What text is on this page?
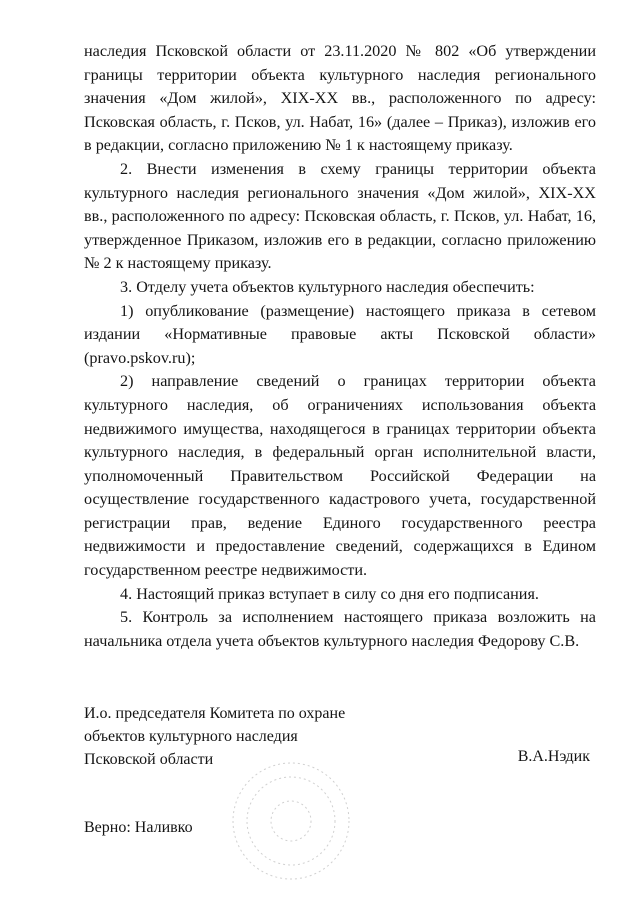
наследия Псковской области от 23.11.2020 № 802 «Об утверждении границы территории объекта культурного наследия регионального значения «Дом жилой», XIX-XX вв., расположенного по адресу: Псковская область, г. Псков, ул. Набат, 16» (далее – Приказ), изложив его в редакции, согласно приложению № 1 к настоящему приказу.

2. Внести изменения в схему границы территории объекта культурного наследия регионального значения «Дом жилой», XIX-XX вв., расположенного по адресу: Псковская область, г. Псков, ул. Набат, 16, утвержденное Приказом, изложив его в редакции, согласно приложению № 2 к настоящему приказу.

3. Отделу учета объектов культурного наследия обеспечить:

1) опубликование (размещение) настоящего приказа в сетевом издании «Нормативные правовые акты Псковской области» (pravo.pskov.ru);

2) направление сведений о границах территории объекта культурного наследия, об ограничениях использования объекта недвижимого имущества, находящегося в границах территории объекта культурного наследия, в федеральный орган исполнительной власти, уполномоченный Правительством Российской Федерации на осуществление государственного кадастрового учета, государственной регистрации прав, ведение Единого государственного реестра недвижимости и предоставление сведений, содержащихся в Едином государственном реестре недвижимости.

4. Настоящий приказ вступает в силу со дня его подписания.

5. Контроль за исполнением настоящего приказа возложить на начальника отдела учета объектов культурного наследия Федорову С.В.

И.о. председателя Комитета по охране
объектов культурного наследия
Псковской области	В.А.Нэдик
Верно: Наливко
